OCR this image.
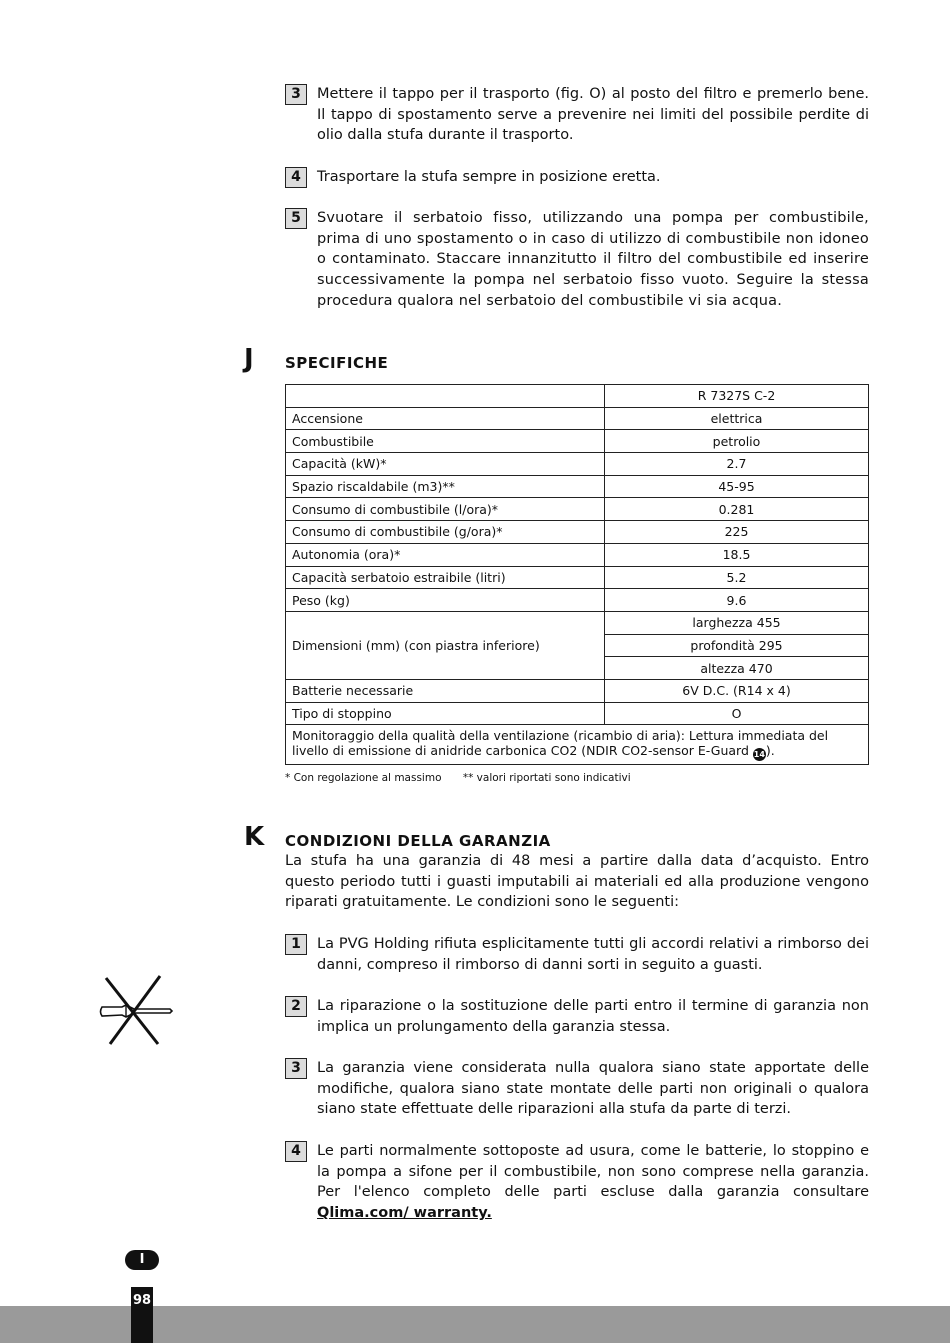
3	Mettere il tappo per il trasporto (fig. O) al posto del filtro e premerlo bene. Il tappo di spostamento serve a prevenire nei limiti del possibile perdite di olio dalla stufa durante il trasporto.
4	Trasportare la stufa sempre in posizione eretta.
5	Svuotare il serbatoio fisso, utilizzando una pompa per combustibile, prima di uno spostamento o in caso di utilizzo di combustibile non idoneo o contaminato. Staccare innanzitutto il filtro del combustibile ed inserire successivamente la pompa nel serbatoio fisso vuoto. Seguire la stessa procedura qualora nel serbatoio del combustibile vi sia acqua.
J SPECIFICHE
	R 7327S C-2
Accensione	elettrica
Combustibile	petrolio
Capacità (kW)*	2.7
Spazio riscaldabile (m3)**	45-95
Consumo di combustibile (l/ora)*	0.281
Consumo di combustibile (g/ora)*	225
Autonomia (ora)*	18.5
Capacità serbatoio estraibile (litri)	5.2
Peso (kg)	9.6
Dimensioni (mm) (con piastra inferiore)	larghezza 455
	profondità 295
	altezza 470
Batterie necessarie	6V D.C. (R14 x 4)
Tipo di stoppino	O
Monitoraggio della qualità della ventilazione (ricambio di aria): Lettura immediata del livello di emissione di anidride carbonica CO2 (NDIR CO2-sensor E-Guard 14).	
* Con regolazione al massimo ** valori riportati sono indicativi
K CONDIZIONI DELLA GARANZIA
La stufa ha una garanzia di 48 mesi a partire dalla data d’acquisto. Entro questo periodo tutti i guasti imputabili ai materiali ed alla produzione vengono riparati gratuitamente. Le condizioni sono le seguenti:
1	La PVG Holding rifiuta esplicitamente tutti gli accordi relativi a rimborso dei danni, compreso il rimborso di danni sorti in seguito a guasti.
2	La riparazione o la sostituzione delle parti entro il termine di garanzia non implica un prolungamento della garanzia stessa.
3	La garanzia viene considerata nulla qualora siano state apportate delle modifiche, qualora siano state montate delle parti non originali o qualora siano state effettuate delle riparazioni alla stufa da parte di terzi.
4	Le parti normalmente sottoposte ad usura, come le batterie, lo stoppino e la pompa a sifone per il combustibile, non sono comprese nella garanzia. Per l'elenco completo delle parti escluse dalla garanzia consultare Qlima.com/ warranty.
I
98
